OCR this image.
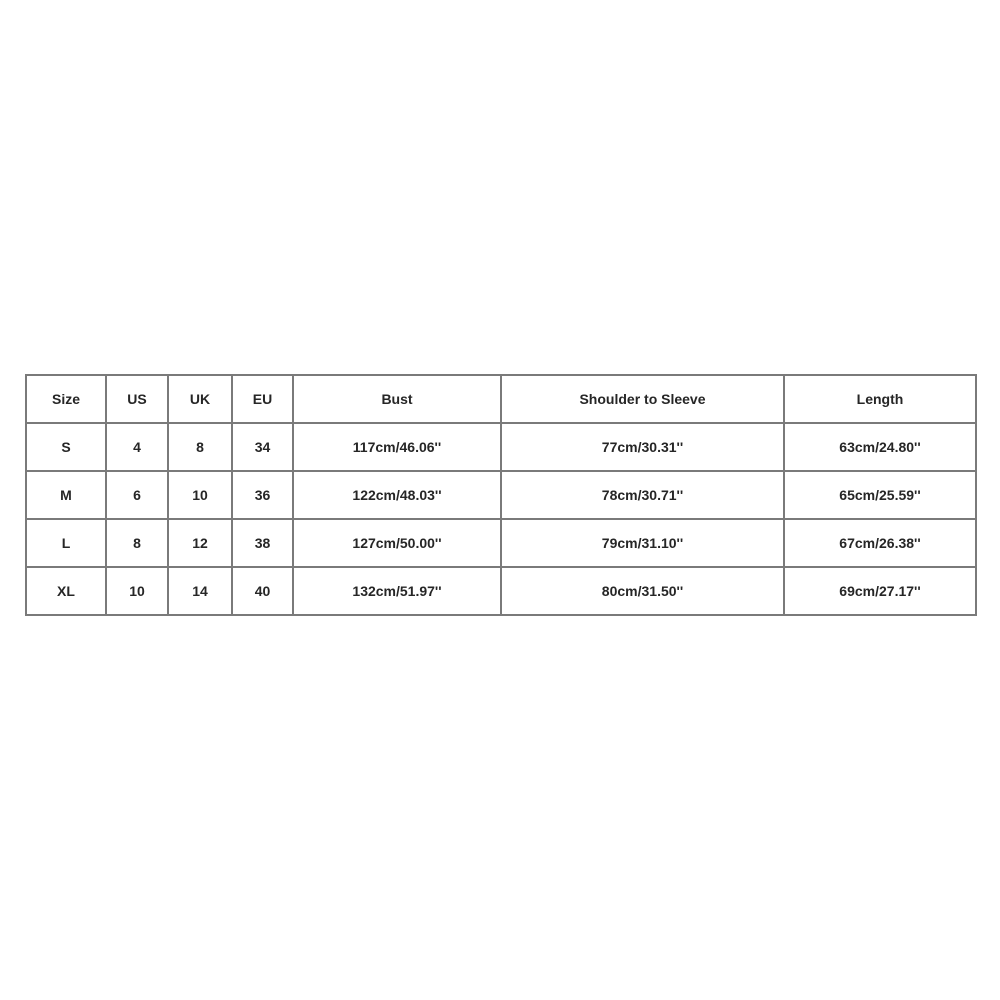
Size	US	UK	EU	Bust	Shoulder to Sleeve	Length
S	4	8	34	117cm/46.06''	77cm/30.31''	63cm/24.80''
M	6	10	36	122cm/48.03''	78cm/30.71''	65cm/25.59''
L	8	12	38	127cm/50.00''	79cm/31.10''	67cm/26.38''
XL	10	14	40	132cm/51.97''	80cm/31.50''	69cm/27.17''
